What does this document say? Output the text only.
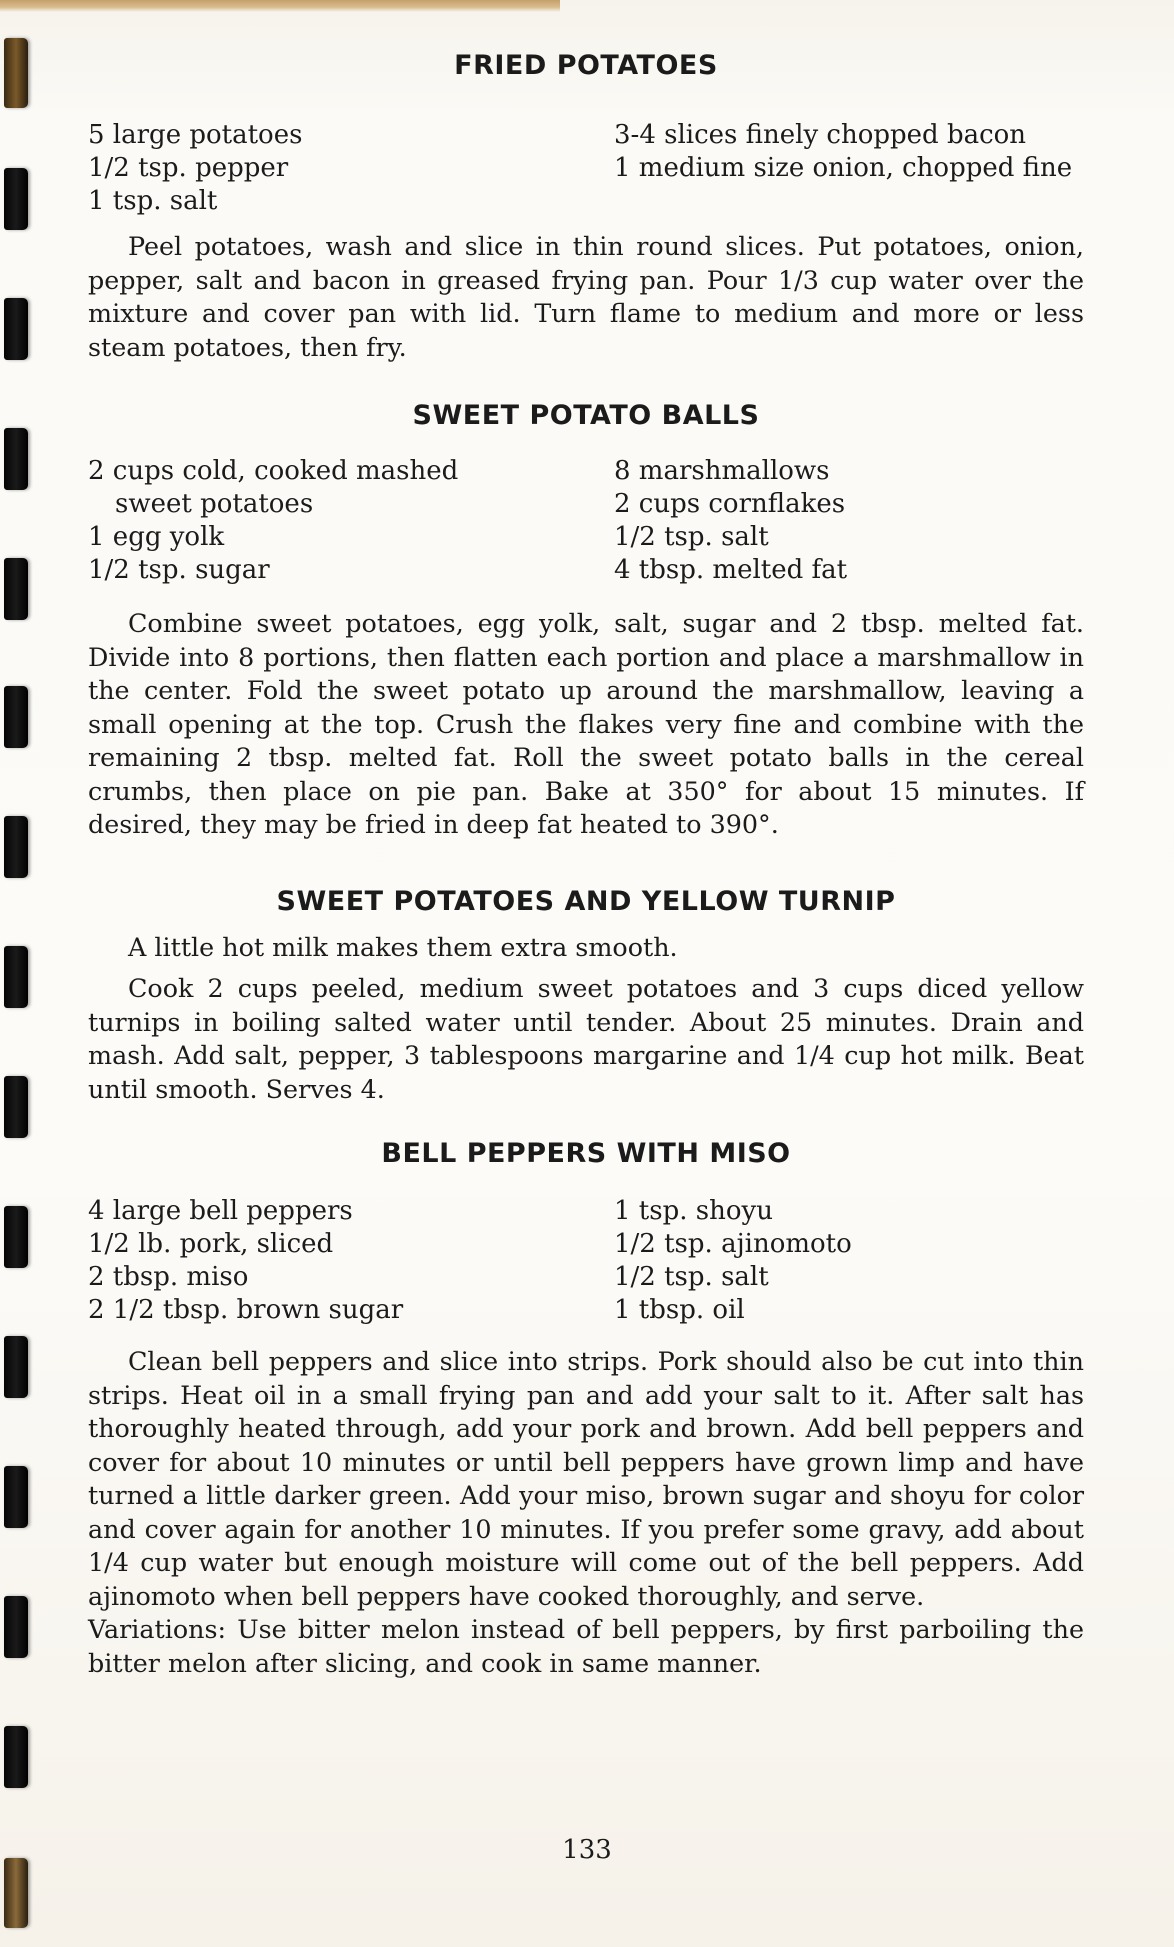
FRIED POTATOES
5 large potatoes
1/2 tsp. pepper
1 tsp. salt
3-4 slices finely chopped bacon
1 medium size onion, chopped fine

Peel potatoes, wash and slice in thin round slices. Put potatoes, onion, pepper, salt and bacon in greased frying pan. Pour 1/3 cup water over the mixture and cover pan with lid. Turn flame to medium and more or less steam potatoes, then fry.

SWEET POTATO BALLS
2 cups cold, cooked mashed
sweet potatoes
1 egg yolk
1/2 tsp. sugar
8 marshmallows
2 cups cornflakes
1/2 tsp. salt
4 tbsp. melted fat

Combine sweet potatoes, egg yolk, salt, sugar and 2 tbsp. melted fat. Divide into 8 portions, then flatten each portion and place a marshmallow in the center. Fold the sweet potato up around the marshmallow, leaving a small opening at the top. Crush the flakes very fine and combine with the remaining 2 tbsp. melted fat. Roll the sweet potato balls in the cereal crumbs, then place on pie pan. Bake at 350° for about 15 minutes. If desired, they may be fried in deep fat heated to 390°.

SWEET POTATOES AND YELLOW TURNIP

A little hot milk makes them extra smooth.

Cook 2 cups peeled, medium sweet potatoes and 3 cups diced yellow turnips in boiling salted water until tender. About 25 minutes. Drain and mash. Add salt, pepper, 3 tablespoons margarine and 1/4 cup hot milk. Beat until smooth. Serves 4.

BELL PEPPERS WITH MISO
4 large bell peppers
1/2 lb. pork, sliced
2 tbsp. miso
2 1/2 tbsp. brown sugar
1 tsp. shoyu
1/2 tsp. ajinomoto
1/2 tsp. salt
1 tbsp. oil

Clean bell peppers and slice into strips. Pork should also be cut into thin strips. Heat oil in a small frying pan and add your salt to it. After salt has thoroughly heated through, add your pork and brown. Add bell peppers and cover for about 10 minutes or until bell peppers have grown limp and have turned a little darker green. Add your miso, brown sugar and shoyu for color and cover again for another 10 minutes. If you prefer some gravy, add about 1/4 cup water but enough moisture will come out of the bell peppers. Add ajinomoto when bell peppers have cooked thoroughly, and serve.

Variations: Use bitter melon instead of bell peppers, by first parboiling the bitter melon after slicing, and cook in same manner.

133
